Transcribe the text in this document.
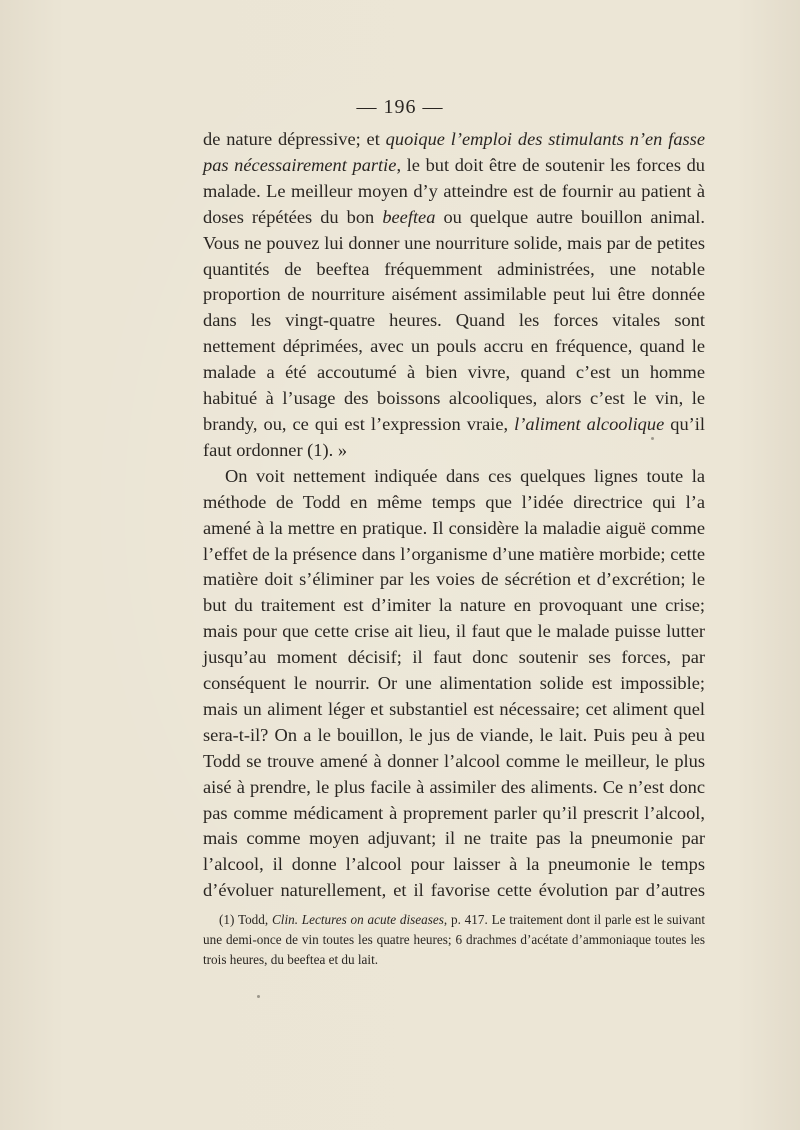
— 196 —

de nature dépressive; et quoique l’emploi des stimulants n’en fasse pas nécessairement partie, le but doit être de soutenir les forces du malade. Le meilleur moyen d’y atteindre est de fournir au patient à doses répétées du bon beeftea ou quelque autre bouillon animal. Vous ne pouvez lui donner une nourriture solide, mais par de petites quantités de beeftea fréquemment administrées, une notable proportion de nourriture aisément assimilable peut lui être donnée dans les vingt-quatre heures. Quand les forces vitales sont nettement déprimées, avec un pouls accru en fréquence, quand le malade a été accoutumé à bien vivre, quand c’est un homme habitué à l’usage des boissons alcooliques, alors c’est le vin, le brandy, ou, ce qui est l’expression vraie, l’aliment alcoolique qu’il faut ordonner (1). »

On voit nettement indiquée dans ces quelques lignes toute la méthode de Todd en même temps que l’idée directrice qui l’a amené à la mettre en pratique. Il considère la maladie aiguë comme l’effet de la présence dans l’organisme d’une matière morbide; cette matière doit s’éliminer par les voies de sécrétion et d’excrétion; le but du traitement est d’imiter la nature en provoquant une crise; mais pour que cette crise ait lieu, il faut que le malade puisse lutter jusqu’au moment décisif; il faut donc soutenir ses forces, par conséquent le nourrir. Or une alimentation solide est impossible; mais un aliment léger et substantiel est nécessaire; cet aliment quel sera-t-il? On a le bouillon, le jus de viande, le lait. Puis peu à peu Todd se trouve amené à donner l’alcool comme le meilleur, le plus aisé à prendre, le plus facile à assimiler des aliments. Ce n’est donc pas comme médicament à proprement parler qu’il prescrit l’alcool, mais comme moyen adjuvant; il ne traite pas la pneumonie par l’alcool, il donne l’alcool pour laisser à la pneumonie le temps d’évoluer naturellement, et il favorise cette évolution par d’autres

(1) Todd, Clin. Lectures on acute diseases, p. 417. Le traitement dont il parle est le suivant une demi-once de vin toutes les quatre heures; 6 drachmes d’acétate d’ammoniaque toutes les trois heures, du beeftea et du lait.
